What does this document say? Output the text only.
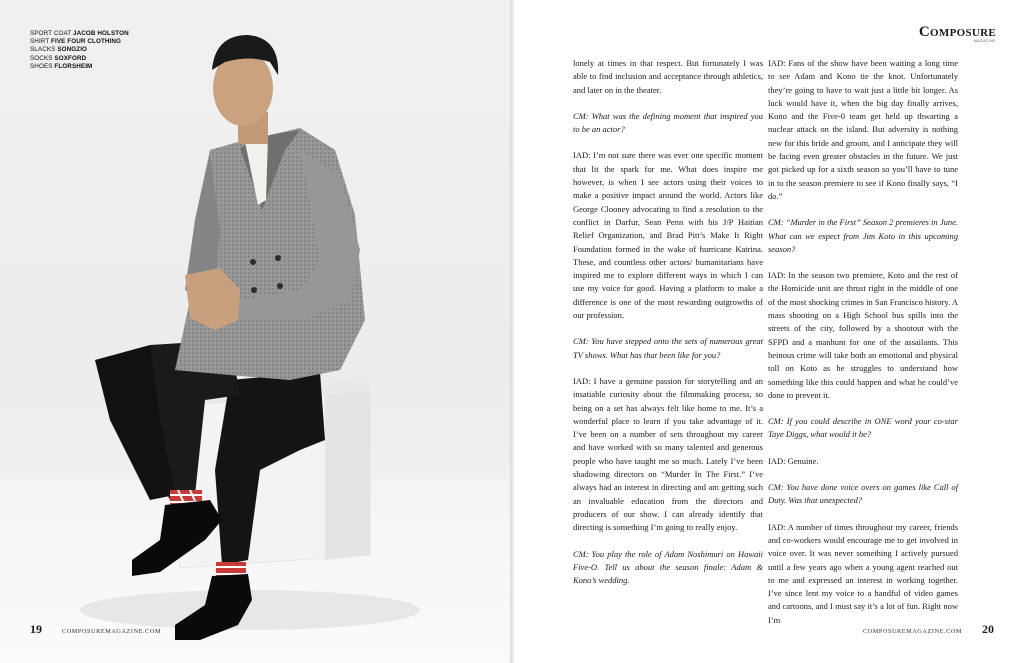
SPORT COAT JACOB HOLSTON
SHIRT FIVE FOUR CLOTHING
SLACKS SONGZIO
SOCKS SOXFORD
SHOES FLORSHEIM
19	COMPOSUREMAGAZINE.COM
Composure
MAGAZINE
20
COMPOSUREMAGAZINE.COM

lonely at times in that respect. But fortunately I was able to find inclusion and acceptance through athletics, and later on in the theater.

CM: What was the defining moment that inspired you to be an actor?

IAD: I’m not sure there was ever one specific moment that lit the spark for me. What does inspire me however, is when I see actors using their voices to make a positive impact around the world. Actors like George Clooney advocating to find a resolution to the conflict in Darfur, Sean Penn with his J/P Haitian Relief Organization, and Brad Pitt’s Make It Right Foundation formed in the wake of hurricane Katrina. These, and countless other actors/ humanitarians have inspired me to explore different ways in which I can use my voice for good. Having a platform to make a difference is one of the most rewarding outgrowths of our profession.

CM: You have stepped onto the sets of numerous great TV shows. What has that been like for you?

IAD: I have a genuine passion for storytelling and an insatiable curiosity about the filmmaking process, so being on a set has always felt like home to me. It’s a wonderful place to learn if you take advantage of it. I’ve been on a number of sets throughout my career and have worked with so many talented and generous people who have taught me so much. Lately I’ve been shadowing directors on “Murder In The First.” I’ve always had an interest in directing and am getting such an invaluable education from the directors and producers of our show. I can already identify that directing is something I’m going to really enjoy.

CM: You play the role of Adam Noshimuri on Hawaii Five-O. Tell us about the season finale: Adam & Kono’s wedding.

IAD: Fans of the show have been waiting a long time to see Adam and Kono tie the knot. Unfortunately they’re going to have to wait just a little bit longer. As luck would have it, when the big day finally arrives, Kono and the Five-0 team get held up thwarting a nuclear attack on the island. But adversity is nothing new for this bride and groom, and I anticipate they will be facing even greater obstacles in the future. We just got picked up for a sixth season so you’ll have to tune in to the season premiere to see if Kono finally says, “I do.”

CM: “Murder in the First” Season 2 premieres in June. What can we expect from Jim Koto in this upcoming season?

IAD: In the season two premiere, Koto and the rest of the Homicide unit are thrust right in the middle of one of the most shocking crimes in San Francisco history. A mass shooting on a High School bus spills into the streets of the city, followed by a shootout with the SFPD and a manhunt for one of the assailants. This heinous crime will take both an emotional and physical toll on Koto as he struggles to understand how something like this could happen and what he could’ve done to prevent it.

CM: If you could describe in ONE word your co-star Taye Diggs, what would it be?

IAD: Genuine.

CM: You have done voice overs on games like Call of Duty. Was that unexpected?

IAD: A number of times throughout my career, friends and co-workers would encourage me to get involved in voice over. It was never something I actively pursued until a few years ago when a young agent reached out to me and expressed an interest in working together. I’ve since lent my voice to a handful of video games and cartoons, and I must say it’s a lot of fun. Right now I’m
